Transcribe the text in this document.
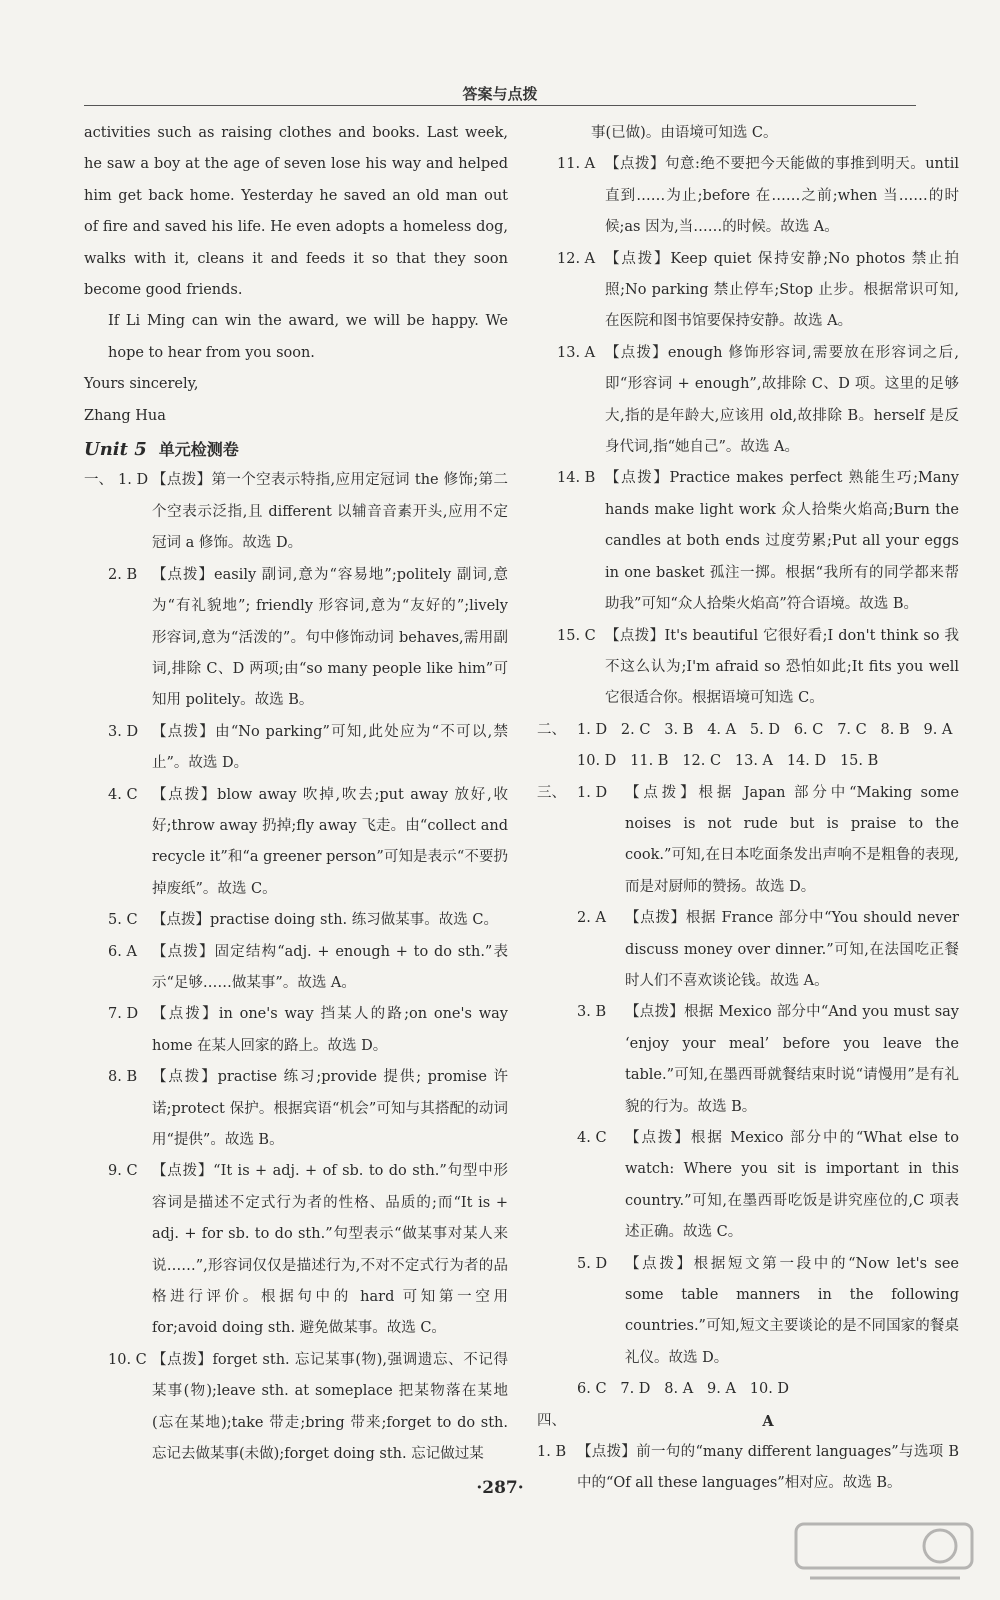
答案与点拨

activities such as raising clothes and books. Last week, he saw a boy at the age of seven lose his way and helped him get back home. Yesterday he saved an old man out of fire and saved his life. He even adopts a homeless dog, walks with it, cleans it and feeds it so that they soon become good friends.

If Li Ming can win the award, we will be happy. We hope to hear from you soon.

Yours sincerely,

Zhang Hua

Unit 5 单元检测卷
一、 1. D 【点拨】第一个空表示特指,应用定冠词 the 修饰;第二个空表示泛指,且 different 以辅音音素开头,应用不定冠词 a 修饰。故选 D。
2. B	【点拨】easily 副词,意为“容易地”;politely 副词,意为“有礼貌地”; friendly 形容词,意为“友好的”;lively 形容词,意为“活泼的”。句中修饰动词 behaves,需用副词,排除 C、D 两项;由“so many people like him”可知用 politely。故选 B。
3. D 【点拨】由“No parking”可知,此处应为“不可以,禁止”。故选 D。
4. C 【点拨】blow away 吹掉,吹去;put away 放好,收好;throw away 扔掉;fly away 飞走。由“collect and recycle it”和“a greener person”可知是表示“不要扔掉废纸”。故选 C。
5. C 【点拨】practise doing sth. 练习做某事。故选 C。
6. A	【点拨】固定结构“adj. + enough + to do sth.”表示“足够……做某事”。故选 A。
7. D 【点拨】in one's way 挡某人的路;on one's way home 在某人回家的路上。故选 D。
8. B	【点拨】practise 练习;provide 提供; promise 许诺;protect 保护。根据宾语“机会”可知与其搭配的动词用“提供”。故选 B。
9. C 【点拨】“It is + adj. + of sb. to do sth.”句型中形容词是描述不定式行为者的性格、品质的;而“It is + adj. + for sb. to do sth.”句型表示“做某事对某人来说……”,形容词仅仅是描述行为,不对不定式行为者的品格进行评价。根据句中的 hard 可知第一空用 for;avoid doing sth. 避免做某事。故选 C。
10. C 【点拨】forget sth. 忘记某事(物),强调遗忘、不记得某事(物);leave sth. at someplace 把某物落在某地(忘在某地);take 带走;bring 带来;forget to do sth. 忘记去做某事(未做);forget doing sth. 忘记做过某

事(已做)。由语境可知选 C。

11. A 【点拨】句意:绝不要把今天能做的事推到明天。until 直到……为止;before 在……之前;when 当……的时候;as 因为,当……的时候。故选 A。
12. A 【点拨】Keep quiet 保持安静;No photos 禁止拍照;No parking 禁止停车;Stop 止步。根据常识可知,在医院和图书馆要保持安静。故选 A。
13. A 【点拨】enough 修饰形容词,需要放在形容词之后,即“形容词 + enough”,故排除 C、D 项。这里的足够大,指的是年龄大,应该用 old,故排除 B。herself 是反身代词,指“她自己”。故选 A。
14. B 【点拨】Practice makes perfect 熟能生巧;Many hands make light work 众人拾柴火焰高;Burn the candles at both ends 过度劳累;Put all your eggs in one basket 孤注一掷。根据“我所有的同学都来帮助我”可知“众人拾柴火焰高”符合语境。故选 B。
15. C 【点拨】It's beautiful 它很好看;I don't think so 我不这么认为;I'm afraid so 恐怕如此;It fits you well 它很适合你。根据语境可知选 C。
二、 1. D   2. C   3. B   4. A   5. D   6. C   7. C   8. B   9. A

10. D   11. B   12. C   13. A   14. D   15. B

三、 1. D	【点拨】根据 Japan 部分中“Making some noises is not rude but is praise to the cook.”可知,在日本吃面条发出声响不是粗鲁的表现,而是对厨师的赞扬。故选 D。
2. A	【点拨】根据 France 部分中“You should never discuss money over dinner.”可知,在法国吃正餐时人们不喜欢谈论钱。故选 A。
3. B	【点拨】根据 Mexico 部分中“And you must say ‘enjoy your meal’ before you leave the table.”可知,在墨西哥就餐结束时说“请慢用”是有礼貌的行为。故选 B。
4. C	【点拨】根据 Mexico 部分中的“What else to watch: Where you sit is important in this country.”可知,在墨西哥吃饭是讲究座位的,C 项表述正确。故选 C。
5. D	【点拨】根据短文第一段中的“Now let's see some table manners in the following countries.”可知,短文主要谈论的是不同国家的餐桌礼仪。故选 D。

6. C   7. D   8. A   9. A   10. D

四、	A
1. B 【点拨】前一句的“many different languages”与选项 B 中的“Of all these languages”相对应。故选 B。
·287·
